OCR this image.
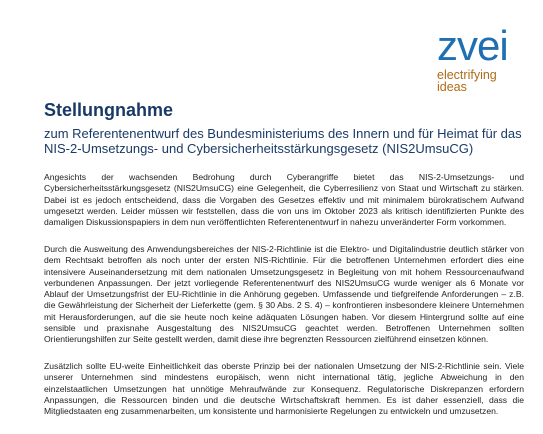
zvei
electrifying
ideas
Stellungnahme

zum Referentenentwurf des Bundesministeriums des Innern und für Heimat für das NIS-2-Umsetzungs- und Cybersicherheitsstärkungsgesetz (NIS2UmsuCG)

Angesichts der wachsenden Bedrohung durch Cyberangriffe bietet das NIS-2-Umsetzungs- und Cybersicherheitsstärkungsgesetz (NIS2UmsuCG) eine Gelegenheit, die Cyberresilienz von Staat und Wirtschaft zu stärken. Dabei ist es jedoch entscheidend, dass die Vorgaben des Gesetzes effektiv und mit minimalem bürokratischem Aufwand umgesetzt werden. Leider müssen wir feststellen, dass die von uns im Oktober 2023 als kritisch identifizierten Punkte des damaligen Diskussionspapiers in dem nun veröffentlichten Referentenentwurf in nahezu unveränderter Form vorkommen.

Durch die Ausweitung des Anwendungsbereiches der NIS-2-Richtlinie ist die Elektro- und Digitalindustrie deutlich stärker von dem Rechtsakt betroffen als noch unter der ersten NIS-Richtlinie. Für die betroffenen Unternehmen erfordert dies eine intensivere Auseinandersetzung mit dem nationalen Umsetzungsgesetz in Begleitung von mit hohem Ressourcenaufwand verbundenen Anpassungen. Der jetzt vorliegende Referentenentwurf des NIS2UmsuCG wurde weniger als 6 Monate vor Ablauf der Umsetzungsfrist der EU-Richtlinie in die Anhörung gegeben. Umfassende und tiefgreifende Anforderungen – z.B. die Gewährleistung der Sicherheit der Lieferkette (gem. § 30 Abs. 2 S. 4) – konfrontieren insbesondere kleinere Unternehmen mit Herausforderungen, auf die sie heute noch keine adäquaten Lösungen haben. Vor diesem Hintergrund sollte auf eine sensible und praxisnahe Ausgestaltung des NIS2UmsuCG geachtet werden. Betroffenen Unternehmen sollten Orientierungshilfen zur Seite gestellt werden, damit diese ihre begrenzten Ressourcen zielführend einsetzen können.

Zusätzlich sollte EU-weite Einheitlichkeit das oberste Prinzip bei der nationalen Umsetzung der NIS-2-Richtlinie sein. Viele unserer Unternehmen sind mindestens europäisch, wenn nicht international tätig, jegliche Abweichung in den einzelstaatlichen Umsetzungen hat unnötige Mehraufwände zur Konsequenz. Regulatorische Diskrepanzen erfordern Anpassungen, die Ressourcen binden und die deutsche Wirtschaftskraft hemmen. Es ist daher essenziell, dass die Mitgliedstaaten eng zusammenarbeiten, um konsistente und harmonisierte Regelungen zu entwickeln und umzusetzen.
